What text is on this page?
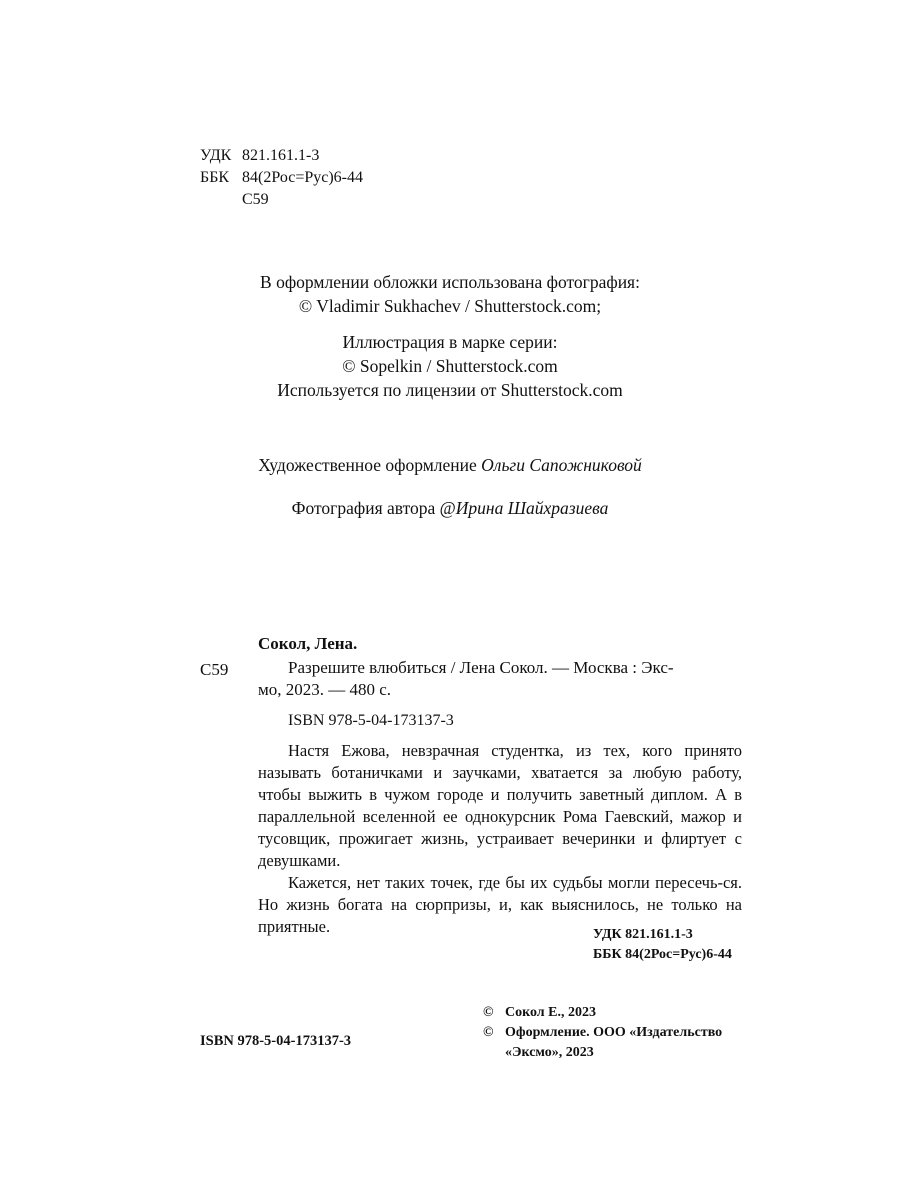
УДК 821.161.1-3
ББК 84(2Рос=Рус)6-44
С59
В оформлении обложки использована фотография:
© Vladimir Sukhachev / Shutterstock.com;
Иллюстрация в марке серии:
© Sopelkin / Shutterstock.com
Используется по лицензии от Shutterstock.com
Художественное оформление Ольги Сапожниковой
Фотография автора @Ирина Шайхразиева
Сокол, Лена.
С59	Разрешите влюбиться / Лена Сокол. — Москва : Экс-
мо, 2023. — 480 с.
ISBN 978-5-04-173137-3

Настя Ежова, невзрачная студентка, из тех, кого принято называть ботаничками и заучками, хватается за любую работу, чтобы выжить в чужом городе и получить заветный диплом. А в параллельной вселенной ее однокурсник Рома Гаевский, мажор и тусовщик, прожигает жизнь, устраивает вечеринки и флиртует с девушками.

Кажется, нет таких точек, где бы их судьбы могли пересечь-ся. Но жизнь богата на сюрпризы, и, как выяснилось, не только на приятные.	УДК 821.161.1-3
ББК 84(2Рос=Рус)6-44
© Сокол Е., 2023
© Оформление. ООО «Издательство
«Эксмо», 2023
ISBN 978-5-04-173137-3
